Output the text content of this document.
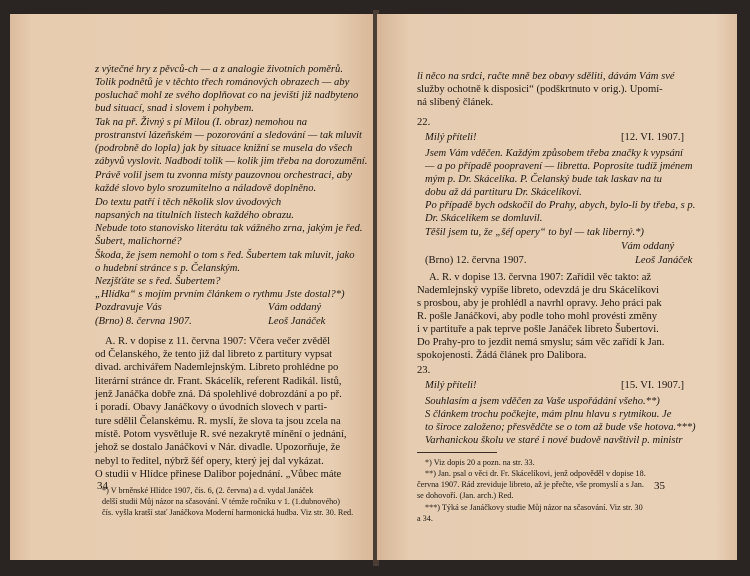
z výtečné hry z pěvců-ch — a z analogie životních poměrů.
Tolik podnětů je v těchto třech románových obrazech — aby
posluchač mohl ze svého doplňovat co na jevišti již nadbyteno
bud situací, snad i slovem i pohybem.
Tak na př. Živný s pí Milou (I. obraz) nemohou na
prostranství lázeňském — pozorování a sledování — tak mluvit
(podrobně do lopla) jak by situace knižní se musela do všech
zábyvů vyslovit. Nadbodí tolik — kolik jim třeba na dorozumění.
Právě volil jsem tu zvonna místy pauzovnou orchestraci, aby
každé slovo bylo srozumitelno a náladově doplněno.
Do textu patří i těch několik slov úvodových
napsaných na titulních listech každého obrazu.
Nebude toto stanovisko literátu tak vážného zrna, jakým je řed.
Šubert, malichorné?
Škoda, že jsem nemohl o tom s řed. Šubertem tak mluvit, jako
o hudební stránce s p. Čelanským.
Nezjšťáte se s řed. Šubertem?
„Hlídka“ s mojím prvním článkem o rythmu Jste dostal?*)
Pozdravuje Vás	Vám oddaný
(Brno) 8. června 1907.	Leoš Janáček
A. R. v dopise z 11. června 1907: Včera večer zvěděl
od Čelanského, že tento již dal libreto z partitury vypsat
divad. archivářem Nademlejnským. Libreto prohlédne po
literární stránce dr. Frant. Skácelík, referent Radikál. listů,
jenž Janáčka dobře zná. Dá spolehlivé dobrozdání a po př.
i poradí. Obavy Janáčkovy o úvodních slovech v parti-
ture sdělil Čelanskému. R. myslí, že slova ta jsou zcela na
místě. Potom vysvětluje R. své nezakrytě mínění o jednání,
jehož se dostalo Janáčkovi v Nár. divadle. Upozorňuje, že
nebyl to ředitel, nýbrž šéf opery, který jej dal vykázat.
O studii v Hlídce přinese Dalibor pojednání. „Vůbec máte
*) V brněnské Hlídce 1907, čís. 6, (2. června) a d. vydal Janáček
delší studii Můj názor na sčasování. V témže ročníku v 1. (1.dubnového)
čís. vyšla kratší stať Janáčkova Moderní harmonická hudba. Viz str. 30. Red.
34
li něco na srdci, račte mně bez obavy sděliti, dávám Vám své
služby ochotně k disposici“ (podškrtnuto v orig.). Upomí-
ná slíbený článek.
22.
Milý příteli!	[12. VI. 1907.]
Jsem Vám vděčen. Každým způsobem třeba značky k vypsání
— a po případě poopravení — libretta. Poprosíte tudíž jménem
mým p. Dr. Skácelíka. P. Čelanský bude tak laskav na tu
dobu až dá partituru Dr. Skácelíkovi.
Po případě bych odskočil do Prahy, abych, bylo-li by třeba, s p.
Dr. Skácelíkem se domluvil.
Těšil jsem tu, že „šéf opery“ to byl — tak liberný.*)
Vám oddaný
(Brno) 12. června 1907.	Leoš Janáček
A. R. v dopise 13. června 1907: Zařídil věc takto: až
Nademlejnský vypíše libreto, odevzdá je dru Skácelíkovi
s prosbou, aby je prohlédl a navrhl opravy. Jeho práci pak
R. pošle Janáčkovi, aby podle toho mohl provésti změny
i v partituře a pak teprve pošle Janáček libreto Šubertovi.
Do Prahy-pro to jezdit nemá smyslu; sám věc zařídí k Jan.
spokojenosti. Žádá článek pro Dalibora.
23.
Milý příteli!	[15. VI. 1907.]
Souhlasím a jsem vděčen za Vaše uspořádání všeho.**)
S článkem trochu počkejte, mám plnu hlavu s rytmikou. Je
to široce založeno; přesvědčte se o tom až bude vše hotova.***)
Varhanickou školu ve staré i nové budově navštívil p. ministr
*) Viz dopis 20 a pozn. na str. 33.
**) Jan. psal o věci dr. Fr. Skácelíkovi, jenž odpověděl v dopise 18.
června 1907. Rád zreviduje libreto, až je přečte, vše promyslí a s Jan.
se dohovoří. (Jan. arch.) Red.
***) Týká se Janáčkovy studie Můj názor na sčasování. Viz str. 30
a 34.
35
